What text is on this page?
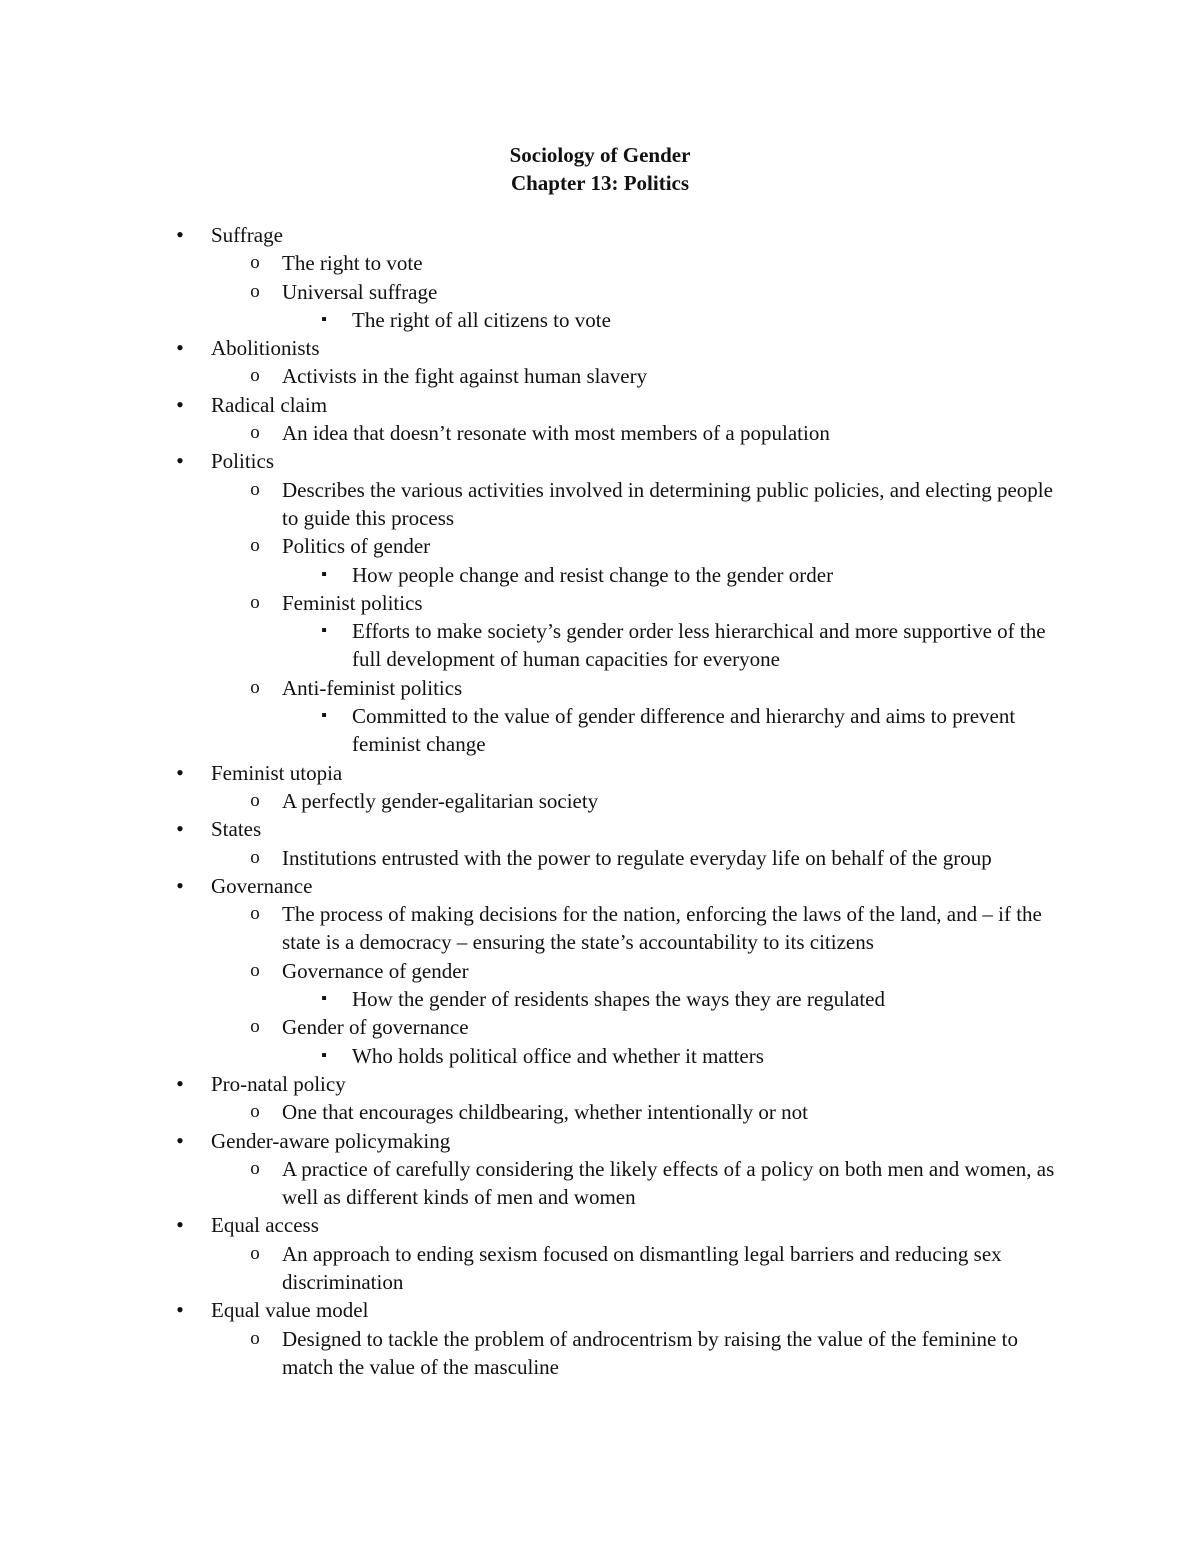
Sociology of Gender
Chapter 13: Politics
• Suffrage
o The right to vote
o Universal suffrage
▪	The right of all citizens to vote
• Abolitionists
o Activists in the fight against human slavery
• Radical claim
o An idea that doesn’t resonate with most members of a population
• Politics
o Describes the various activities involved in determining public policies, and electing people to guide this process
o Politics of gender
▪	How people change and resist change to the gender order
o Feminist politics
▪	Efforts to make society’s gender order less hierarchical and more supportive of the full development of human capacities for everyone
o Anti-feminist politics
▪	Committed to the value of gender difference and hierarchy and aims to prevent feminist change
• Feminist utopia
o A perfectly gender-egalitarian society
• States
o Institutions entrusted with the power to regulate everyday life on behalf of the group
• Governance
o The process of making decisions for the nation, enforcing the laws of the land, and – if the state is a democracy – ensuring the state’s accountability to its citizens
o Governance of gender
▪	How the gender of residents shapes the ways they are regulated
o Gender of governance
▪	Who holds political office and whether it matters
• Pro-natal policy
o One that encourages childbearing, whether intentionally or not
• Gender-aware policymaking
o A practice of carefully considering the likely effects of a policy on both men and women, as well as different kinds of men and women
• Equal access
o An approach to ending sexism focused on dismantling legal barriers and reducing sex discrimination
• Equal value model
o Designed to tackle the problem of androcentrism by raising the value of the feminine to match the value of the masculine
